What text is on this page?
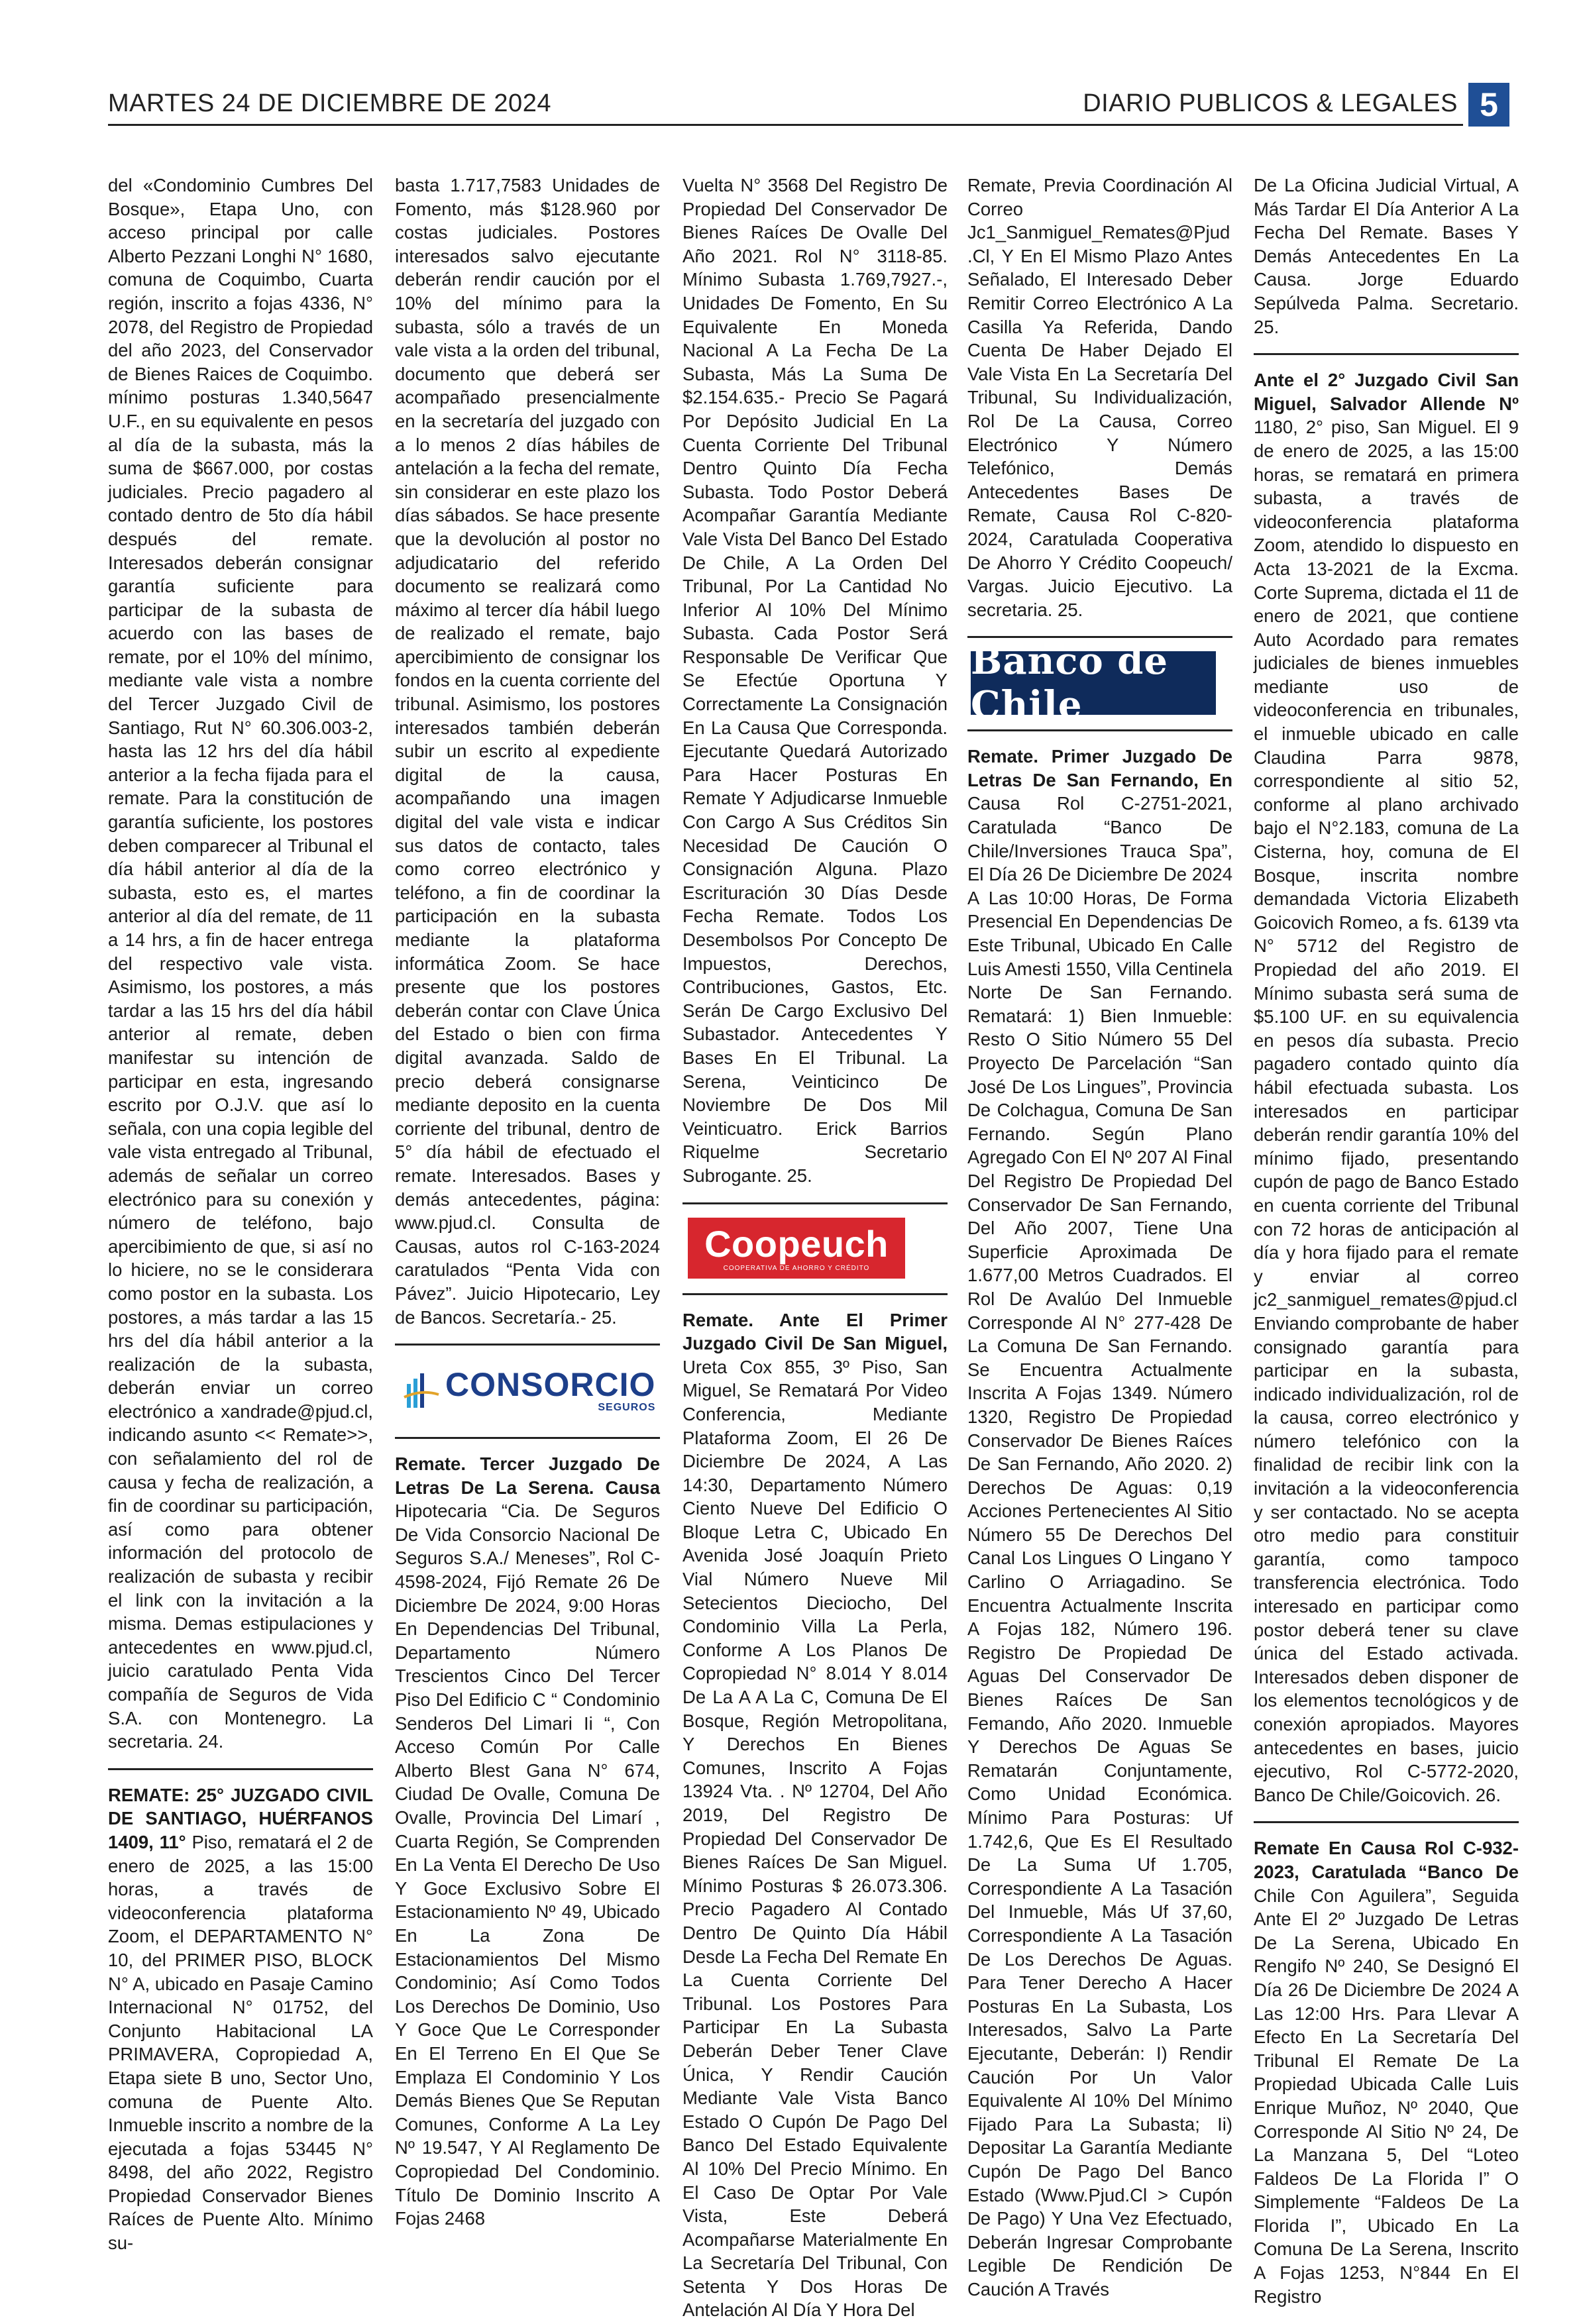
MARTES 24 DE DICIEMBRE DE 2024	DIARIO PUBLICOS & LEGALES 5

del «Condominio Cumbres Del Bosque», Etapa Uno, con acceso principal por calle Alberto Pezzani Longhi N° 1680, comuna de Coquimbo, Cuarta región, inscrito a fojas 4336, N° 2078, del Registro de Propiedad del año 2023, del Conservador de Bienes Raices de Coquimbo. mínimo posturas 1.340,5647 U.F., en su equivalente en pesos al día de la subasta, más la suma de $667.000, por costas judiciales. Precio pagadero al contado dentro de 5to día hábil después del remate. Interesados deberán consignar garantía suficiente para participar de la subasta de acuerdo con las bases de remate, por el 10% del mínimo, mediante vale vista a nombre del Tercer Juzgado Civil de Santiago, Rut N° 60.306.003-2, hasta las 12 hrs del día hábil anterior a la fecha fijada para el remate. Para la constitución de garantía suficiente, los postores deben comparecer al Tribunal el día hábil anterior al día de la subasta, esto es, el martes anterior al día del remate, de 11 a 14 hrs, a fin de hacer entrega del respectivo vale vista. Asimismo, los postores, a más tardar a las 15 hrs del día hábil anterior al remate, deben manifestar su intención de participar en esta, ingresando escrito por O.J.V. que así lo señala, con una copia legible del vale vista entregado al Tribunal, además de señalar un correo electrónico para su conexión y número de teléfono, bajo apercibimiento de que, si así no lo hiciere, no se le considerara como postor en la subasta. Los postores, a más tardar a las 15 hrs del día hábil anterior a la realización de la subasta, deberán enviar un correo electrónico a xandrade@pjud.cl, indicando asunto << Remate>>, con señalamiento del rol de causa y fecha de realización, a fin de coordinar su participación, así como para obtener información del protocolo de realización de subasta y recibir el link con la invitación a la misma. Demas estipulaciones y antecedentes en www.pjud.cl, juicio caratulado Penta Vida compañía de Seguros de Vida S.A. con Montenegro. La secretaria. 24.

REMATE: 25° JUZGADO CIVIL DE SANTIAGO, HUÉRFANOS 1409, 11° Piso, rematará el 2 de enero de 2025, a las 15:00 horas, a través de videoconferencia plataforma Zoom, el DEPARTAMENTO N° 10, del PRIMER PISO, BLOCK N° A, ubicado en Pasaje Camino Internacional N° 01752, del Conjunto Habitacional LA PRIMAVERA, Copropiedad A, Etapa siete B uno, Sector Uno, comuna de Puente Alto. Inmueble inscrito a nombre de la ejecutada a fojas 53445 N° 8498, del año 2022, Registro Propiedad Conservador Bienes Raíces de Puente Alto. Mínimo su-

basta 1.717,7583 Unidades de Fomento, más $128.960 por costas judiciales. Postores interesados salvo ejecutante deberán rendir caución por el 10% del mínimo para la subasta, sólo a través de un vale vista a la orden del tribunal, documento que deberá ser acompañado presencialmente en la secretaría del juzgado con a lo menos 2 días hábiles de antelación a la fecha del remate, sin considerar en este plazo los días sábados. Se hace presente que la devolución al postor no adjudicatario del referido documento se realizará como máximo al tercer día hábil luego de realizado el remate, bajo apercibimiento de consignar los fondos en la cuenta corriente del tribunal. Asimismo, los postores interesados también deberán subir un escrito al expediente digital de la causa, acompañando una imagen digital del vale vista e indicar sus datos de contacto, tales como correo electrónico y teléfono, a fin de coordinar la participación en la subasta mediante la plataforma informática Zoom. Se hace presente que los postores deberán contar con Clave Única del Estado o bien con firma digital avanzada. Saldo de precio deberá consignarse mediante deposito en la cuenta corriente del tribunal, dentro de 5° día hábil de efectuado el remate. Interesados. Bases y demás antecedentes, página: www.pjud.cl. Consulta de Causas, autos rol C-163-2024 caratulados “Penta Vida con Pávez”. Juicio Hipotecario, Ley de Bancos. Secretaría.- 25.

CONSORCIO
SEGUROS

Remate. Tercer Juzgado De Letras De La Serena. Causa Hipotecaria “Cia. De Seguros De Vida Consorcio Nacional De Seguros S.A./ Meneses”, Rol C-4598-2024, Fijó Remate 26 De Diciembre De 2024, 9:00 Horas En Dependencias Del Tribunal, Departamento Número Trescientos Cinco Del Tercer Piso Del Edificio C “ Condominio Senderos Del Limari Ii “, Con Acceso Común Por Calle Alberto Blest Gana N° 674, Ciudad De Ovalle, Comuna De Ovalle, Provincia Del Limarí , Cuarta Región, Se Comprenden En La Venta El Derecho De Uso Y Goce Exclusivo Sobre El Estacionamiento Nº 49, Ubicado En La Zona De Estacionamientos Del Mismo Condominio; Así Como Todos Los Derechos De Dominio, Uso Y Goce Que Le Corresponder En El Terreno En El Que Se Emplaza El Condominio Y Los Demás Bienes Que Se Reputan Comunes, Conforme A La Ley Nº 19.547, Y Al Reglamento De Copropiedad Del Condominio. Título De Dominio Inscrito A Fojas 2468

Vuelta N° 3568 Del Registro De Propiedad Del Conservador De Bienes Raíces De Ovalle Del Año 2021. Rol N° 3118-85. Mínimo Subasta 1.769,7927.-, Unidades De Fomento, En Su Equivalente En Moneda Nacional A La Fecha De La Subasta, Más La Suma De $2.154.635.- Precio Se Pagará Por Depósito Judicial En La Cuenta Corriente Del Tribunal Dentro Quinto Día Fecha Subasta. Todo Postor Deberá Acompañar Garantía Mediante Vale Vista Del Banco Del Estado De Chile, A La Orden Del Tribunal, Por La Cantidad No Inferior Al 10% Del Mínimo Subasta. Cada Postor Será Responsable De Verificar Que Se Efectúe Oportuna Y Correctamente La Consignación En La Causa Que Corresponda. Ejecutante Quedará Autorizado Para Hacer Posturas En Remate Y Adjudicarse Inmueble Con Cargo A Sus Créditos Sin Necesidad De Caución O Consignación Alguna. Plazo Escrituración 30 Días Desde Fecha Remate. Todos Los Desembolsos Por Concepto De Impuestos, Derechos, Contribuciones, Gastos, Etc. Serán De Cargo Exclusivo Del Subastador. Antecedentes Y Bases En El Tribunal. La Serena, Veinticinco De Noviembre De Dos Mil Veinticuatro. Erick Barrios Riquelme Secretario Subrogante. 25.

Coopeuch
COOPERATIVA DE AHORRO Y CRÉDITO

Remate. Ante El Primer Juzgado Civil De San Miguel, Ureta Cox 855, 3º Piso, San Miguel, Se Rematará Por Video Conferencia, Mediante Plataforma Zoom, El 26 De Diciembre De 2024, A Las 14:30, Departamento Número Ciento Nueve Del Edificio O Bloque Letra C, Ubicado En Avenida José Joaquín Prieto Vial Número Nueve Mil Setecientos Dieciocho, Del Condominio Villa La Perla, Conforme A Los Planos De Copropiedad N° 8.014 Y 8.014 De La A A La C, Comuna De El Bosque, Región Metropolitana, Y Derechos En Bienes Comunes, Inscrito A Fojas 13924 Vta. . Nº 12704, Del Año 2019, Del Registro De Propiedad Del Conservador De Bienes Raíces De San Miguel. Mínimo Posturas $ 26.073.306. Precio Pagadero Al Contado Dentro De Quinto Día Hábil Desde La Fecha Del Remate En La Cuenta Corriente Del Tribunal. Los Postores Para Participar En La Subasta Deberán Deber Tener Clave Única, Y Rendir Caución Mediante Vale Vista Banco Estado O Cupón De Pago Del Banco Del Estado Equivalente Al 10% Del Precio Mínimo. En El Caso De Optar Por Vale Vista, Este Deberá Acompañarse Materialmente En La Secretaría Del Tribunal, Con Setenta Y Dos Horas De Antelación Al Día Y Hora Del

Remate, Previa Coordinación Al Correo Jc1_Sanmiguel_Remates@Pjud.Cl, Y En El Mismo Plazo Antes Señalado, El Interesado Deber Remitir Correo Electrónico A La Casilla Ya Referida, Dando Cuenta De Haber Dejado El Vale Vista En La Secretaría Del Tribunal, Su Individualización, Rol De La Causa, Correo Electrónico Y Número Telefónico, Demás Antecedentes Bases De Remate, Causa Rol C-820-2024, Caratulada Cooperativa De Ahorro Y Crédito Coopeuch/ Vargas. Juicio Ejecutivo. La secretaria. 25.

Banco de Chile

Remate. Primer Juzgado De Letras De San Fernando, En Causa Rol C-2751-2021, Caratulada “Banco De Chile/Inversiones Trauca Spa”, El Día 26 De Diciembre De 2024 A Las 10:00 Horas, De Forma Presencial En Dependencias De Este Tribunal, Ubicado En Calle Luis Amesti 1550, Villa Centinela Norte De San Fernando. Rematará: 1) Bien Inmueble: Resto O Sitio Número 55 Del Proyecto De Parcelación “San José De Los Lingues”, Provincia De Colchagua, Comuna De San Fernando. Según Plano Agregado Con El Nº 207 Al Final Del Registro De Propiedad Del Conservador De San Fernando, Del Año 2007, Tiene Una Superficie Aproximada De 1.677,00 Metros Cuadrados. El Rol De Avalúo Del Inmueble Corresponde Al N° 277-428 De La Comuna De San Fernando. Se Encuentra Actualmente Inscrita A Fojas 1349. Número 1320, Registro De Propiedad Conservador De Bienes Raíces De San Fernando, Año 2020. 2) Derechos De Aguas: 0,19 Acciones Pertenecientes Al Sitio Número 55 De Derechos Del Canal Los Lingues O Lingano Y Carlino O Arriagadino. Se Encuentra Actualmente Inscrita A Fojas 182, Número 196. Registro De Propiedad De Aguas Del Conservador De Bienes Raíces De San Femando, Año 2020. Inmueble Y Derechos De Aguas Se Rematarán Conjuntamente, Como Unidad Económica. Mínimo Para Posturas: Uf 1.742,6, Que Es El Resultado De La Suma Uf 1.705, Correspondiente A La Tasación Del Inmueble, Más Uf 37,60, Correspondiente A La Tasación De Los Derechos De Aguas. Para Tener Derecho A Hacer Posturas En La Subasta, Los Interesados, Salvo La Parte Ejecutante, Deberán: I) Rendir Caución Por Un Valor Equivalente Al 10% Del Mínimo Fijado Para La Subasta; Ii) Depositar La Garantía Mediante Cupón De Pago Del Banco Estado (Www.Pjud.Cl > Cupón De Pago) Y Una Vez Efectuado, Deberán Ingresar Comprobante Legible De Rendición De Caución A Través

De La Oficina Judicial Virtual, A Más Tardar El Día Anterior A La Fecha Del Remate. Bases Y Demás Antecedentes En La Causa. Jorge Eduardo Sepúlveda Palma. Secretario. 25.

Ante el 2° Juzgado Civil San Miguel, Salvador Allende Nº 1180, 2° piso, San Miguel. El 9 de enero de 2025, a las 15:00 horas, se rematará en primera subasta, a través de videoconferencia plataforma Zoom, atendido lo dispuesto en Acta 13-2021 de la Excma. Corte Suprema, dictada el 11 de enero de 2021, que contiene Auto Acordado para remates judiciales de bienes inmuebles mediante uso de videoconferencia en tribunales, el inmueble ubicado en calle Claudina Parra 9878, correspondiente al sitio 52, conforme al plano archivado bajo el N°2.183, comuna de La Cisterna, hoy, comuna de El Bosque, inscrita nombre demandada Victoria Elizabeth Goicovich Romeo, a fs. 6139 vta N° 5712 del Registro de Propiedad del año 2019. El Mínimo subasta será suma de $5.100 UF. en su equivalencia en pesos día subasta. Precio pagadero contado quinto día hábil efectuada subasta. Los interesados en participar deberán rendir garantía 10% del mínimo fijado, presentando cupón de pago de Banco Estado en cuenta corriente del Tribunal con 72 horas de anticipación al día y hora fijado para el remate y enviar al correo jc2_sanmiguel_remates@pjud.cl Enviando comprobante de haber consignado garantía para participar en la subasta, indicado individualización, rol de la causa, correo electrónico y número telefónico con la finalidad de recibir link con la invitación a la videoconferencia y ser contactado. No se acepta otro medio para constituir garantía, como tampoco transferencia electrónica. Todo interesado en participar como postor deberá tener su clave única del Estado activada. Interesados deben disponer de los elementos tecnológicos y de conexión apropiados. Mayores antecedentes en bases, juicio ejecutivo, Rol C-5772-2020, Banco De Chile/Goicovich. 26.

Remate En Causa Rol C-932-2023, Caratulada “Banco De Chile Con Aguilera”, Seguida Ante El 2º Juzgado De Letras De La Serena, Ubicado En Rengifo Nº 240, Se Designó El Día 26 De Diciembre De 2024 A Las 12:00 Hrs. Para Llevar A Efecto En La Secretaría Del Tribunal El Remate De La Propiedad Ubicada Calle Luis Enrique Muñoz, Nº 2040, Que Corresponde Al Sitio Nº 24, De La Manzana 5, Del “Loteo Faldeos De La Florida I” O Simplemente “Faldeos De La Florida I”, Ubicado En La Comuna De La Serena, Inscrito A Fojas 1253, N°844 En El Registro
